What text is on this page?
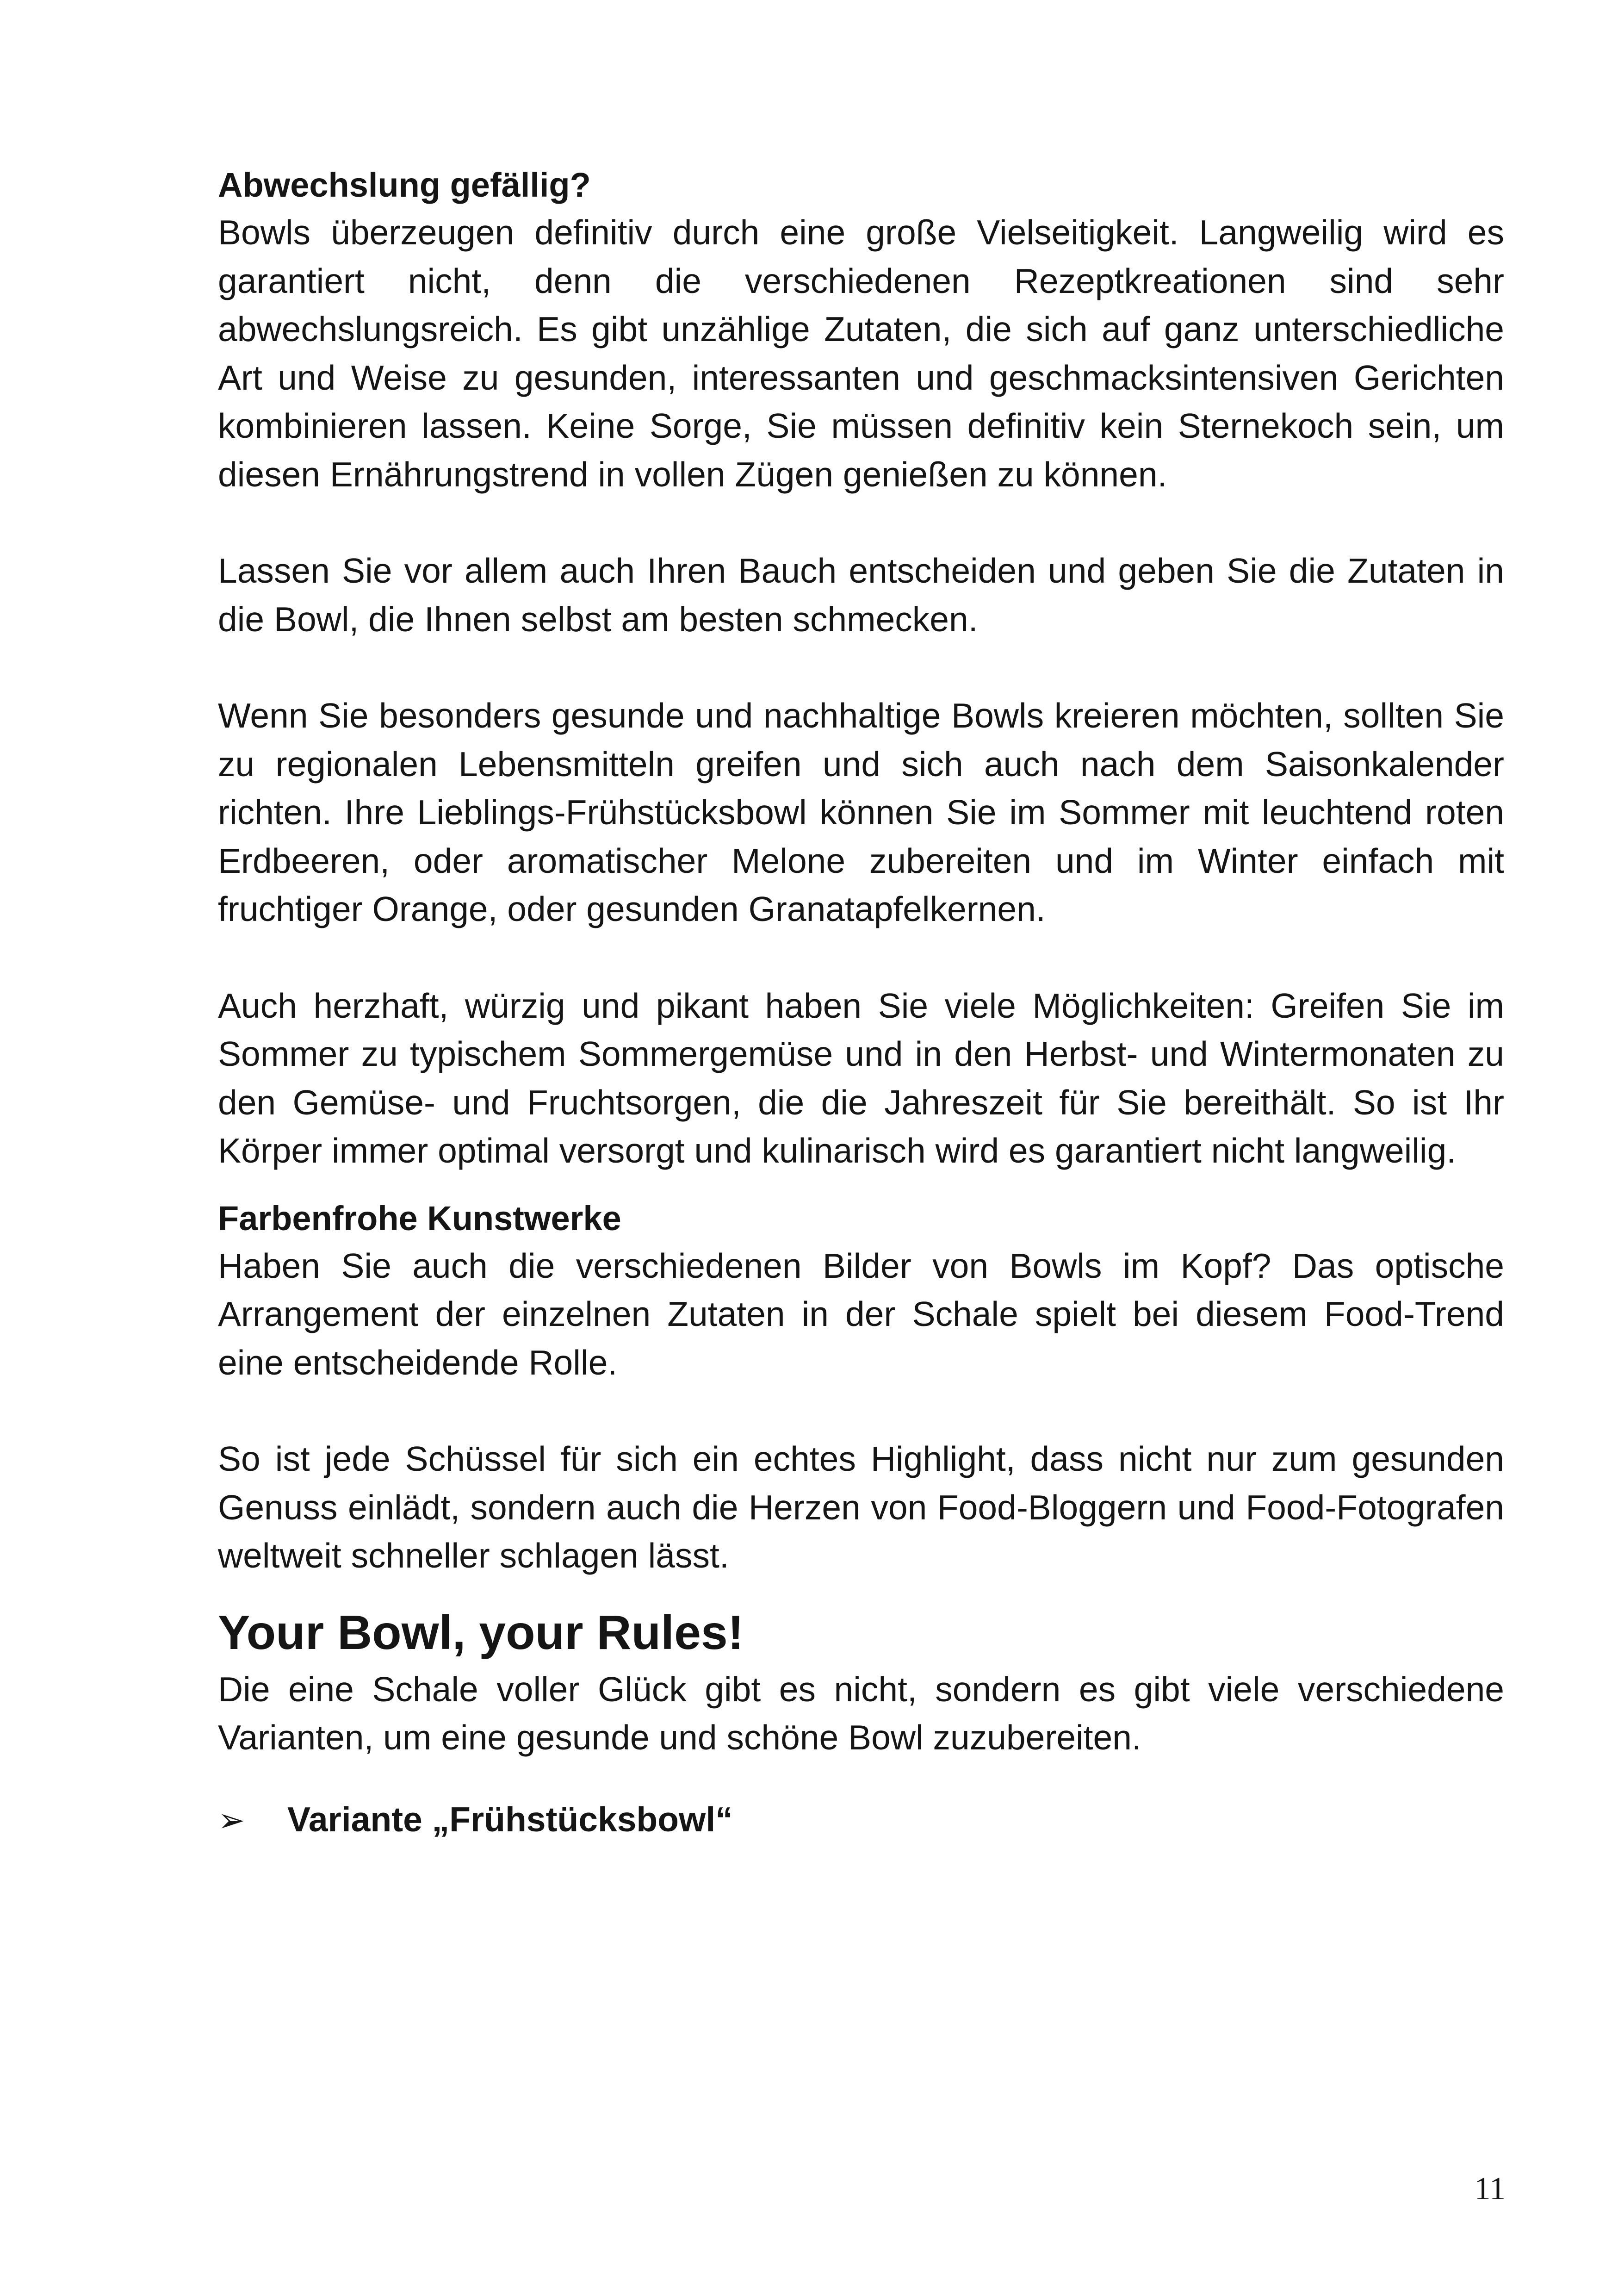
Abwechslung gefällig?

Bowls überzeugen definitiv durch eine große Vielseitigkeit. Langweilig wird es garantiert nicht, denn die verschiedenen Rezeptkreationen sind sehr abwechslungsreich. Es gibt unzählige Zutaten, die sich auf ganz unterschiedliche Art und Weise zu gesunden, interessanten und geschmacksintensiven Gerichten kombinieren lassen. Keine Sorge, Sie müssen definitiv kein Sternekoch sein, um diesen Ernährungstrend in vollen Zügen genießen zu können.

Lassen Sie vor allem auch Ihren Bauch entscheiden und geben Sie die Zutaten in die Bowl, die Ihnen selbst am besten schmecken.

Wenn Sie besonders gesunde und nachhaltige Bowls kreieren möchten, sollten Sie zu regionalen Lebensmitteln greifen und sich auch nach dem Saisonkalender richten. Ihre Lieblings-Frühstücksbowl können Sie im Sommer mit leuchtend roten Erdbeeren, oder aromatischer Melone zubereiten und im Winter einfach mit fruchtiger Orange, oder gesunden Granatapfelkernen.

Auch herzhaft, würzig und pikant haben Sie viele Möglichkeiten: Greifen Sie im Sommer zu typischem Sommergemüse und in den Herbst- und Wintermonaten zu den Gemüse- und Fruchtsorgen, die die Jahreszeit für Sie bereithält. So ist Ihr Körper immer optimal versorgt und kulinarisch wird es garantiert nicht langweilig.

Farbenfrohe Kunstwerke

Haben Sie auch die verschiedenen Bilder von Bowls im Kopf? Das optische Arrangement der einzelnen Zutaten in der Schale spielt bei diesem Food-Trend eine entscheidende Rolle.

So ist jede Schüssel für sich ein echtes Highlight, dass nicht nur zum gesunden Genuss einlädt, sondern auch die Herzen von Food-Bloggern und Food-Fotografen weltweit schneller schlagen lässt.

Your Bowl, your Rules!

Die eine Schale voller Glück gibt es nicht, sondern es gibt viele verschiedene Varianten, um eine gesunde und schöne Bowl zuzubereiten.

➢	Variante „Frühstücksbowl“
11
